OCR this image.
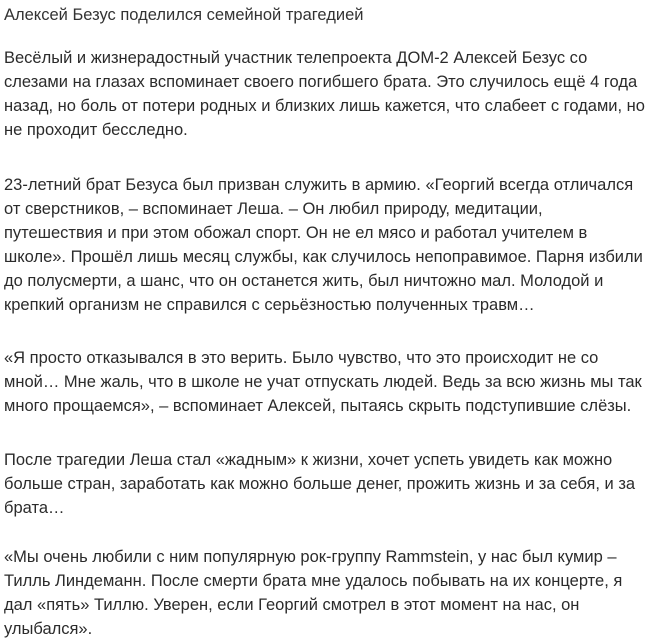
Алексей Безус поделился семейной трагедией

Весёлый и жизнерадостный участник телепроекта ДОМ-2 Алексей Безус со
слезами на глазах вспоминает своего погибшего брата. Это случилось ещё 4 года
назад, но боль от потери родных и близких лишь кажется, что слабеет с годами, но
не проходит бесследно.

23-летний брат Безуса был призван служить в армию. «Георгий всегда отличался
от сверстников, – вспоминает Леша. – Он любил природу, медитации,
путешествия и при этом обожал спорт. Он не ел мясо и работал учителем в
школе». Прошёл лишь месяц службы, как случилось непоправимое. Парня избили
до полусмерти, а шанс, что он останется жить, был ничтожно мал. Молодой и
крепкий организм не справился с серьёзностью полученных травм…

«Я просто отказывался в это верить. Было чувство, что это происходит не со
мной… Мне жаль, что в школе не учат отпускать людей. Ведь за всю жизнь мы так
много прощаемся», – вспоминает Алексей, пытаясь скрыть подступившие слёзы.

После трагедии Леша стал «жадным» к жизни, хочет успеть увидеть как можно
больше стран, заработать как можно больше денег, прожить жизнь и за себя, и за
брата…

«Мы очень любили с ним популярную рок-группу Rammstein, у нас был кумир –
Тилль Линдеманн. После смерти брата мне удалось побывать на их концерте, я
дал «пять» Тиллю. Уверен, если Георгий смотрел в этот момент на нас, он
улыбался».
